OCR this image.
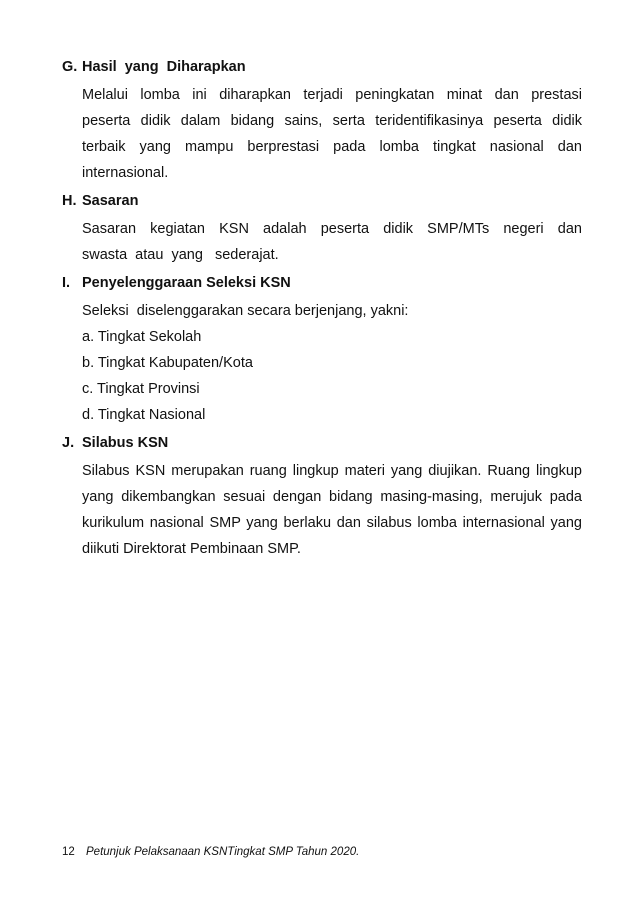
G. Hasil  yang  Diharapkan
Melalui lomba ini diharapkan terjadi peningkatan minat dan prestasi
peserta didik dalam bidang sains, serta teridentifikasinya peserta didik
terbaik yang mampu berprestasi pada lomba tingkat nasional dan
internasional.
H. Sasaran
Sasaran kegiatan KSN adalah peserta didik SMP/MTs negeri dan
swasta  atau  yang   sederajat.
I. Penyelenggaraan Seleksi KSN
Seleksi  diselenggarakan secara berjenjang, yakni:
a. Tingkat Sekolah
b. Tingkat Kabupaten/Kota
c. Tingkat Provinsi
d. Tingkat Nasional
J. Silabus KSN
Silabus KSN merupakan ruang lingkup materi yang diujikan. Ruang lingkup
yang dikembangkan sesuai dengan bidang masing-masing, merujuk pada
kurikulum nasional SMP yang berlaku dan silabus lomba internasional yang
diikuti Direktorat Pembinaan SMP.
12 Petunjuk Pelaksanaan KSNTingkat SMP Tahun 2020.
